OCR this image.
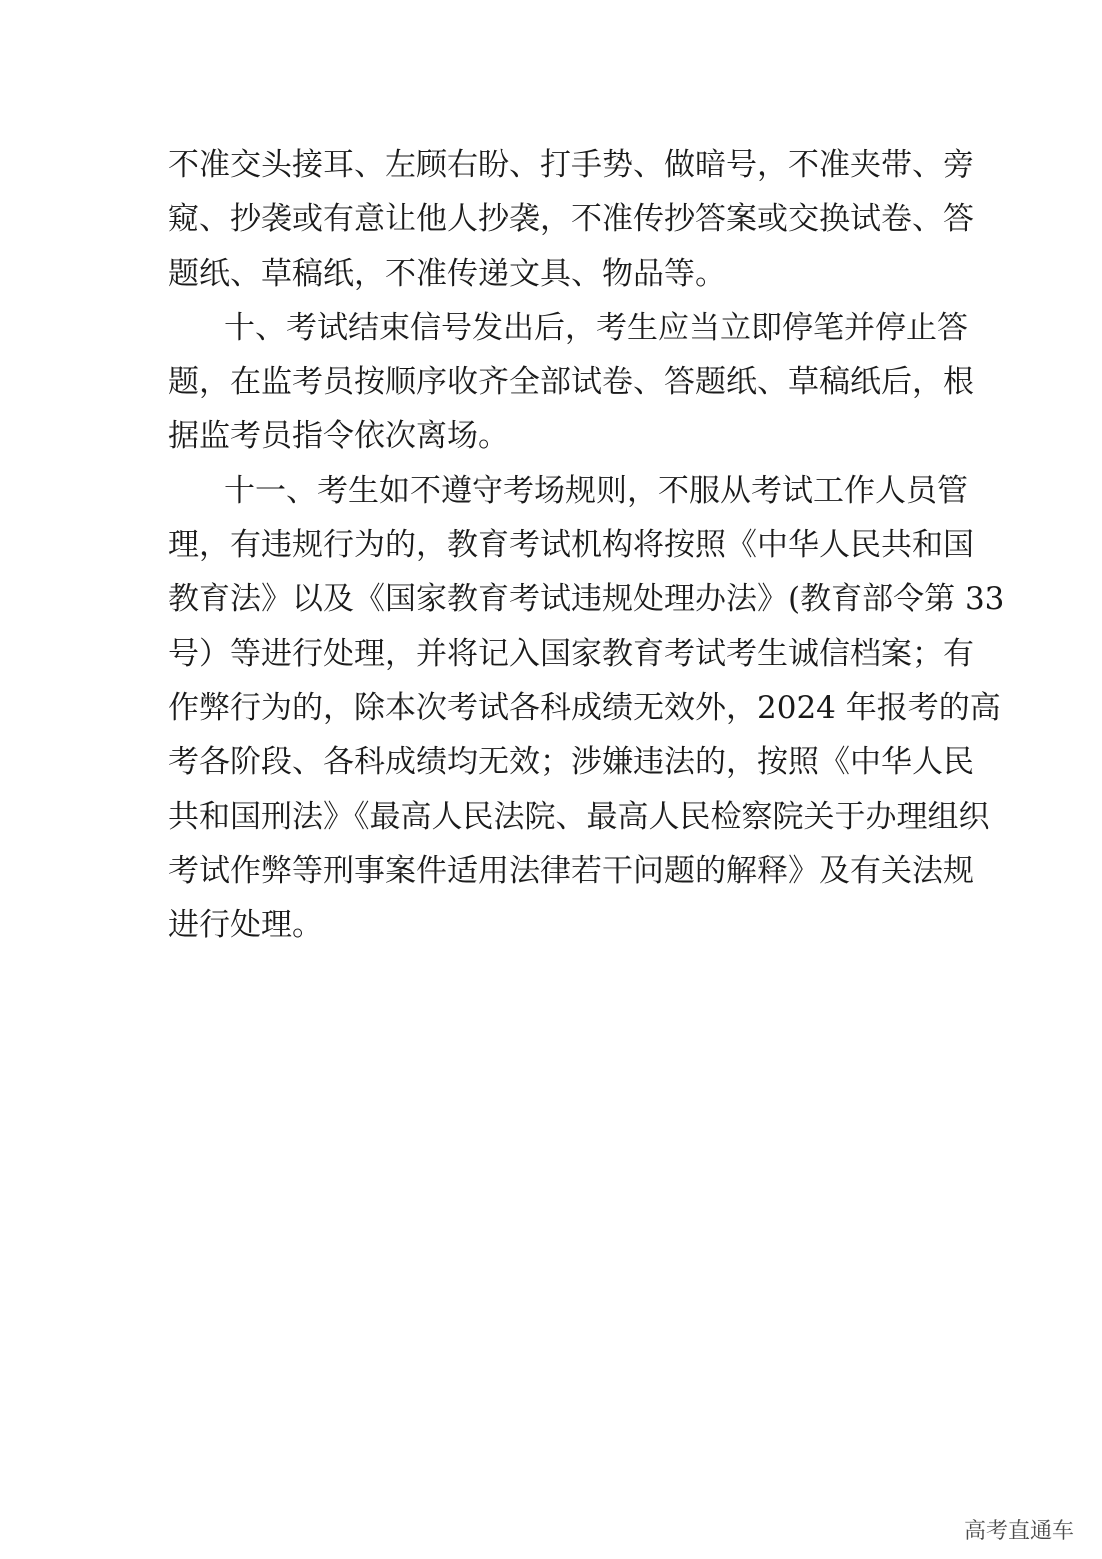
不准交头接耳、左顾右盼、打手势、做暗号，不准夹带、旁
窥、抄袭或有意让他人抄袭，不准传抄答案或交换试卷、答
题纸、草稿纸，不准传递文具、物品等。
十、考试结束信号发出后，考生应当立即停笔并停止答
题，在监考员按顺序收齐全部试卷、答题纸、草稿纸后，根
据监考员指令依次离场。
十一、考生如不遵守考场规则，不服从考试工作人员管
理，有违规行为的，教育考试机构将按照《中华人民共和国
教育法》以及《国家教育考试违规处理办法》(教育部令第 33
号）等进行处理，并将记入国家教育考试考生诚信档案；有
作弊行为的，除本次考试各科成绩无效外，2024 年报考的高
考各阶段、各科成绩均无效；涉嫌违法的，按照《中华人民
共和国刑法》《最高人民法院、最高人民检察院关于办理组织
考试作弊等刑事案件适用法律若干问题的解释》及有关法规
进行处理。
高考直通车
